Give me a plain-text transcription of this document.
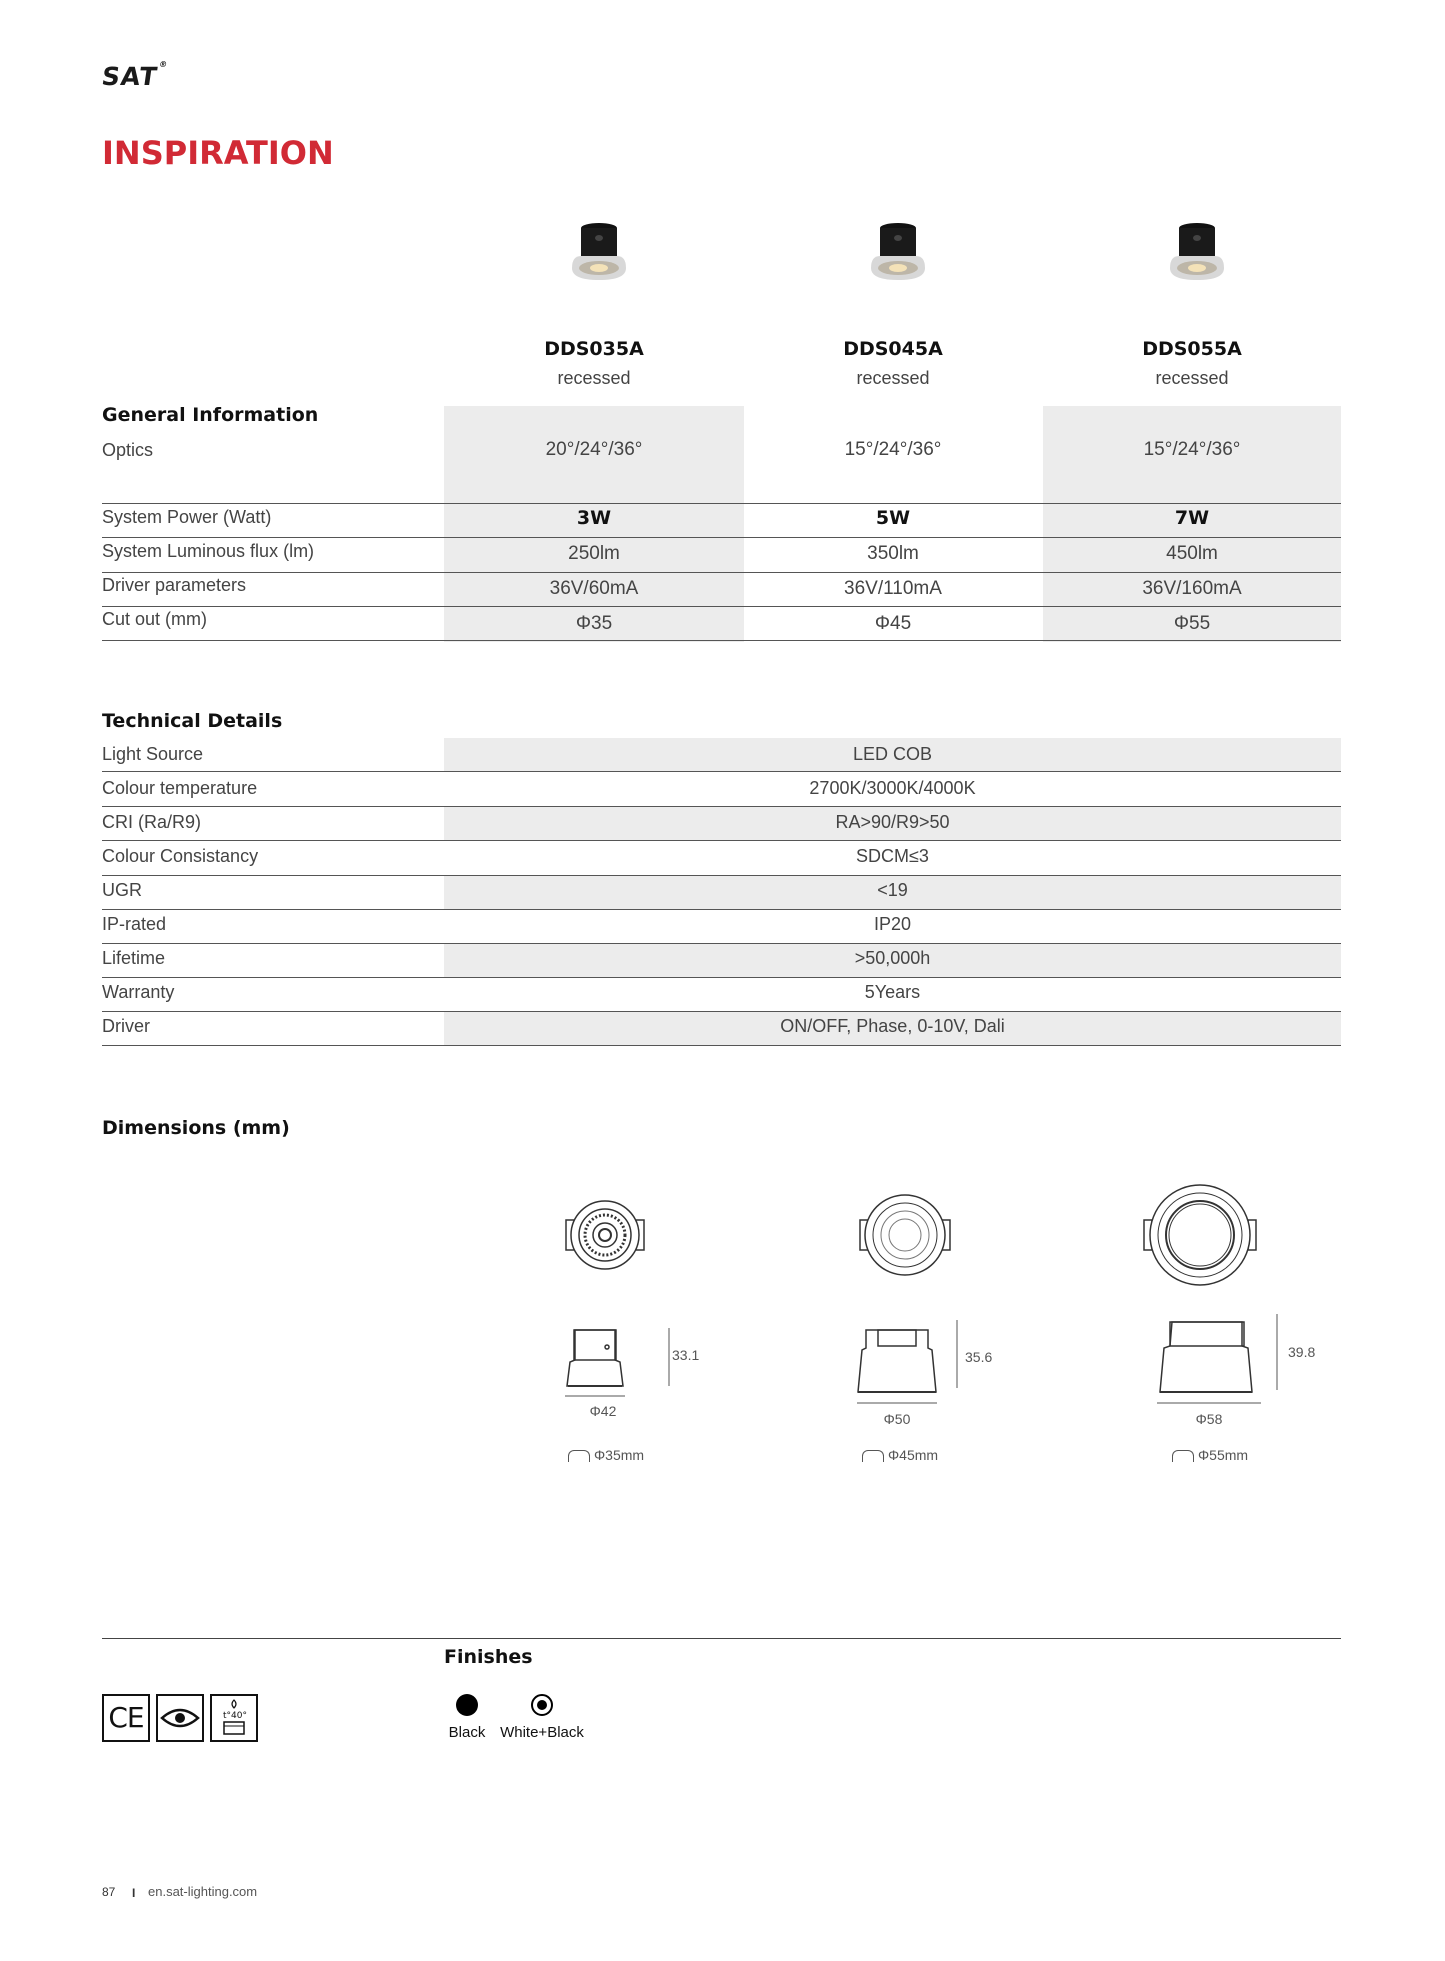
SAT®
INSPIRATION
DDS035A
recessed
DDS045A
recessed
DDS055A
recessed
General Information
Optics	20°/24°/36°	15°/24°/36°	15°/24°/36°
System Power (Watt)	3W	5W	7W
System Luminous flux (lm)	250lm	350lm	450lm
Driver parameters	36V/60mA	36V/110mA	36V/160mA
Cut out (mm)	Φ35	Φ45	Φ55
Technical Details
Light Source	LED COB
Colour temperature	2700K/3000K/4000K
CRI (Ra/R9)	RA>90/R9>50
Colour Consistancy	SDCM≤3
UGR	<19
IP-rated	IP20
Lifetime	>50,000h
Warranty	5Years
Driver	ON/OFF, Phase, 0-10V, Dali
Dimensions (mm)
33.1
Φ42
Φ35mm
35.6
Φ50
Φ45mm
39.8
Φ58
Φ55mm
CE	t°40°
Finishes
Black White+Black
87 I en.sat-lighting.com
